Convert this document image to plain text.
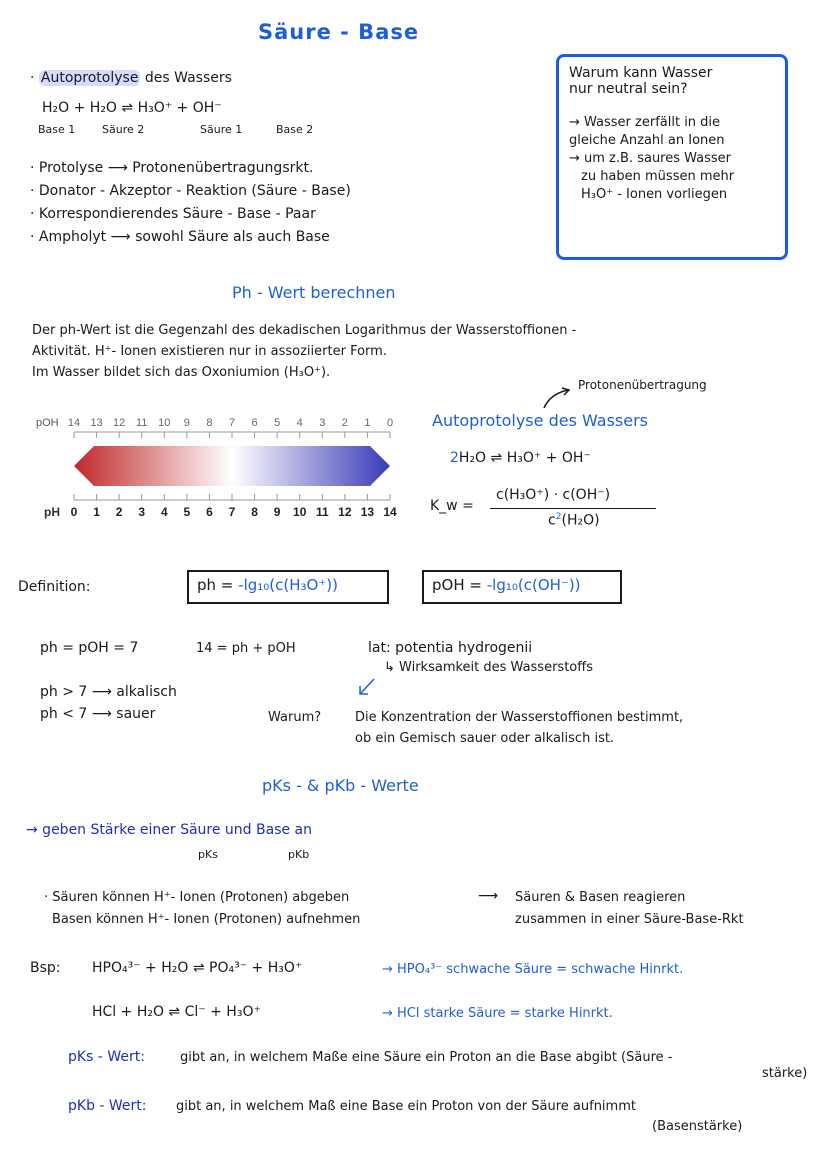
Säure - Base
· Autoprotolyse des Wassers
H₂O + H₂O ⇌ H₃O⁺ + OH⁻
Base 1 Säure 2	Säure 1	Base 2
· Protolyse ⟶ Protonenübertragungsrkt.
· Donator - Akzeptor - Reaktion (Säure - Base)
· Korrespondierendes Säure - Base - Paar
· Ampholyt ⟶ sowohl Säure als auch Base
Warum kann Wasser
nur neutral sein?
→ Wasser zerfällt in die
gleiche Anzahl an Ionen
→ um z.B. saures Wasser
zu haben müssen mehr
H₃O⁺ - Ionen vorliegen
Ph - Wert berechnen
Der ph-Wert ist die Gegenzahl des dekadischen Logarithmus der Wasserstoffionen -
Aktivität. H⁺- Ionen existieren nur in assoziierter Form.
Im Wasser bildet sich das Oxoniumion (H₃O⁺).
pOH 14 13 12 11 10 9 8 7 6 5 4 3 2 1 0
0 1 2 3 4 5 6 7 8 9 10 11 12 13 14
pH
Protonenübertragung
Autoprotolyse des Wassers
2H₂O ⇌ H₃O⁺ + OH⁻
K_w =
c(H₃O⁺) · c(OH⁻)
$c^2(H_2O)$
Definition:	ph = -lg₁₀(c(H₃O⁺))	pOH = -lg₁₀(c(OH⁻))
ph = pOH = 7	14 = ph + pOH	lat: potentia hydrogenii
↳ Wirksamkeit des Wasserstoffs
ph > 7 ⟶ alkalisch
ph < 7 ⟶ sauer	Warum?	Die Konzentration der Wasserstoffionen bestimmt,
ob ein Gemisch sauer oder alkalisch ist.
pKs - & pKb - Werte
→ geben Stärke einer Säure und Base an
pKs	pKb
· Säuren können H⁺- Ionen (Protonen) abgeben
Basen können H⁺- Ionen (Protonen) aufnehmen
⟶ Säuren & Basen reagieren
zusammen in einer Säure-Base-Rkt
Bsp: HPO₄³⁻ + H₂O ⇌ PO₄³⁻ + H₃O⁺	→ HPO₄³⁻ schwache Säure = schwache Hinrkt.
HCl + H₂O ⇌ Cl⁻ + H₃O⁺	→ HCl starke Säure = starke Hinrkt.
pKs - Wert:	gibt an, in welchem Maße eine Säure ein Proton an die Base abgibt (Säure -
stärke)
pKb - Wert: gibt an, in welchem Maß eine Base ein Proton von der Säure aufnimmt
(Basenstärke)
